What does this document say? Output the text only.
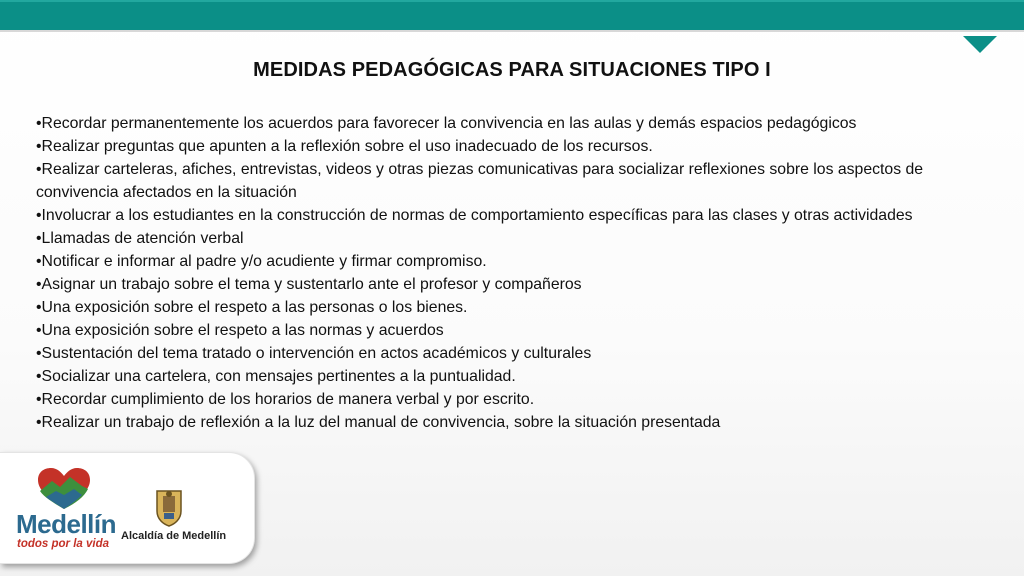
MEDIDAS PEDAGÓGICAS PARA SITUACIONES TIPO I

•Recordar permanentemente los acuerdos para favorecer la convivencia en las aulas y demás espacios pedagógicos

•Realizar preguntas que apunten a la reflexión sobre el uso inadecuado de los recursos.

•Realizar carteleras, afiches, entrevistas, videos y otras piezas comunicativas para socializar reflexiones sobre los aspectos de convivencia afectados en la situación

•Involucrar a los estudiantes en la construcción de normas de comportamiento específicas para las clases y otras actividades

•Llamadas de atención verbal

•Notificar e informar al padre y/o acudiente y firmar compromiso.

•Asignar un trabajo sobre el tema y sustentarlo ante el profesor y compañeros

•Una exposición sobre el respeto a las personas o los bienes.

•Una exposición sobre el respeto a las normas y acuerdos

•Sustentación del tema tratado o intervención en actos académicos y culturales

•Socializar una cartelera, con mensajes pertinentes a la puntualidad.

•Recordar cumplimiento de los horarios de manera verbal y por escrito.

•Realizar un trabajo de reflexión a la luz del manual de convivencia, sobre la situación presentada

Medellín
todos por la vida
Alcaldía de Medellín
